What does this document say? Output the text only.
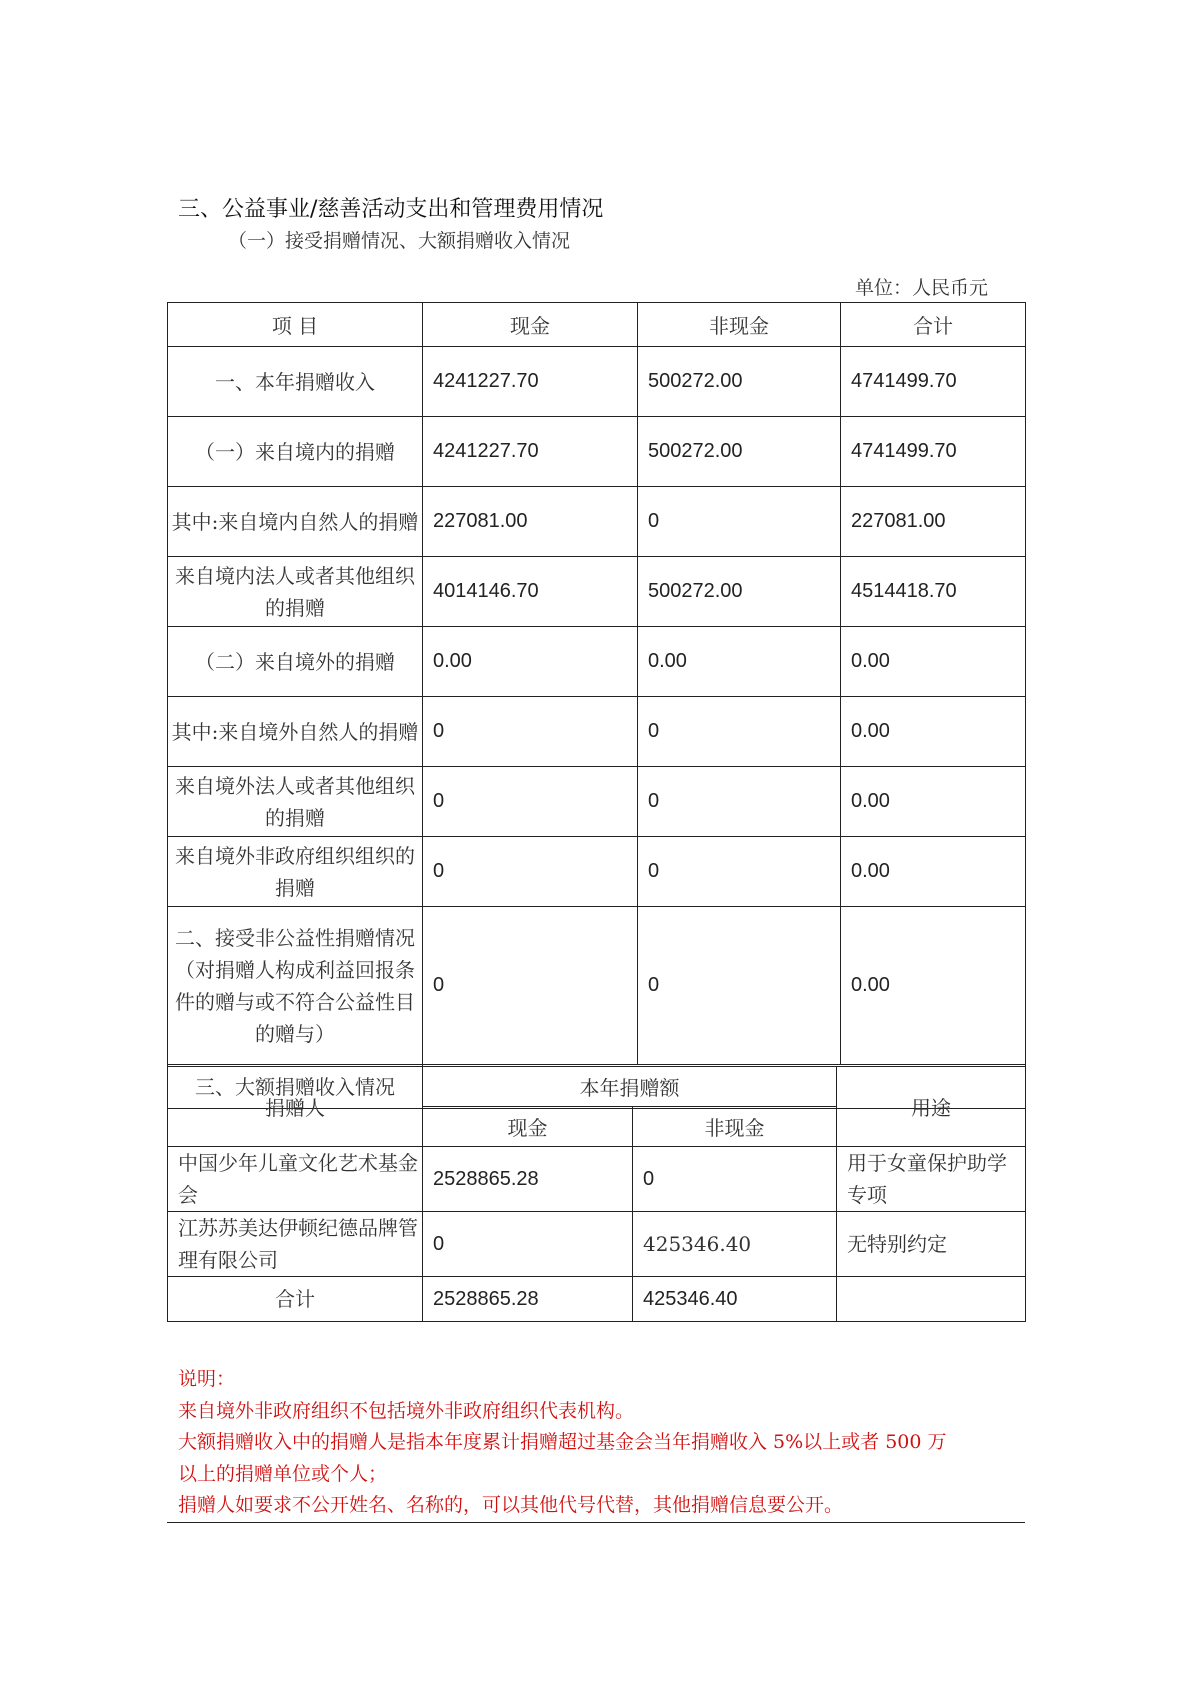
三、公益事业/慈善活动支出和管理费用情况
（一）接受捐赠情况、大额捐赠收入情况
单位：人民币元
项 目	现金	非现金	合计
一、本年捐赠收入	4241227.70	500272.00	4741499.70
（一）来自境内的捐赠	4241227.70	500272.00	4741499.70
其中:来自境内自然人的捐赠	227081.00	0	227081.00
来自境内法人或者其他组织的捐赠	4014146.70	500272.00	4514418.70
（二）来自境外的捐赠	0.00	0.00	0.00
其中:来自境外自然人的捐赠	0	0	0.00
来自境外法人或者其他组织的捐赠	0	0	0.00
来自境外非政府组织组织的捐赠	0	0	0.00
二、接受非公益性捐赠情况（对捐赠人构成利益回报条件的赠与或不符合公益性目的赠与）	0	0	0.00
三、大额捐赠收入情况			
捐赠人	本年捐赠额		用途
	现金	非现金	
中国少年儿童文化艺术基金会	2528865.28	0	用于女童保护助学专项
江苏苏美达伊顿纪德品牌管理有限公司	0	425346.40	无特别约定
合计	2528865.28	425346.40	
说明：
来自境外非政府组织不包括境外非政府组织代表机构。
大额捐赠收入中的捐赠人是指本年度累计捐赠超过基金会当年捐赠收入 5%以上或者 500 万
以上的捐赠单位或个人；
捐赠人如要求不公开姓名、名称的，可以其他代号代替，其他捐赠信息要公开。
